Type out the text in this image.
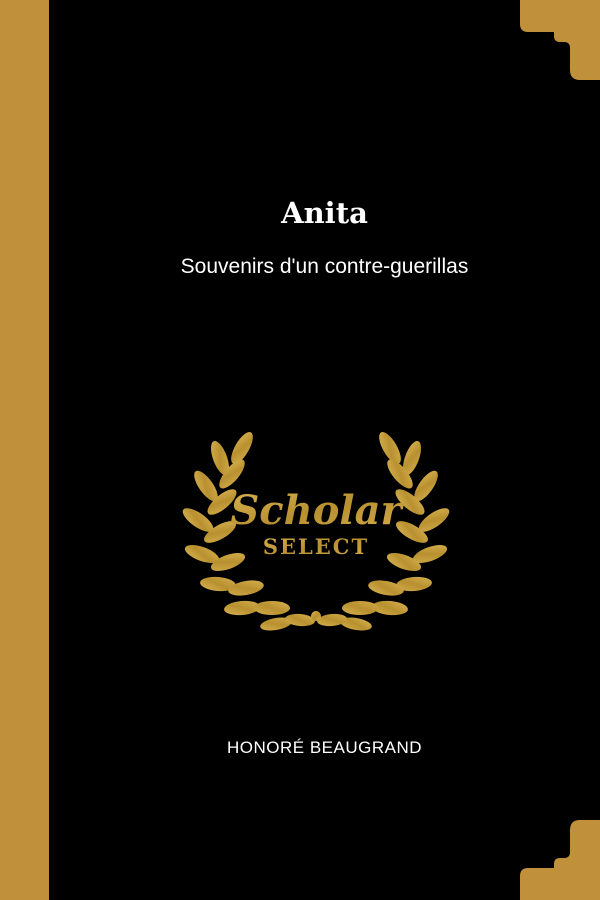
Anita
Souvenirs d'un contre-guerillas
Scholar
SELECT
HONORÉ BEAUGRAND
